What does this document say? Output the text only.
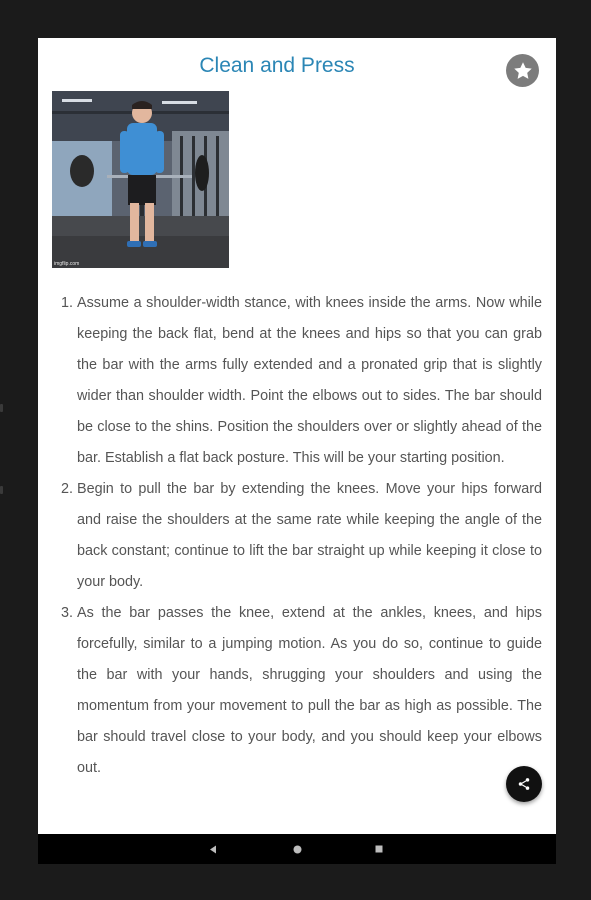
Clean and Press
imgflip.com
1. Assume a shoulder-width stance, with knees inside the arms. Now while keeping the back flat, bend at the knees and hips so that you can grab the bar with the arms fully extended and a pronated grip that is slightly wider than shoulder width. Point the elbows out to sides. The bar should be close to the shins. Position the shoulders over or slightly ahead of the bar. Establish a flat back posture. This will be your starting position.
2. Begin to pull the bar by extending the knees. Move your hips forward and raise the shoulders at the same rate while keeping the angle of the back constant; continue to lift the bar straight up while keeping it close to your body.
3. As the bar passes the knee, extend at the ankles, knees, and hips forcefully, similar to a jumping motion. As you do so, continue to guide the bar with your hands, shrugging your shoulders and using the momentum from your movement to pull the bar as high as possible. The bar should travel close to your body, and you should keep your elbows out.
